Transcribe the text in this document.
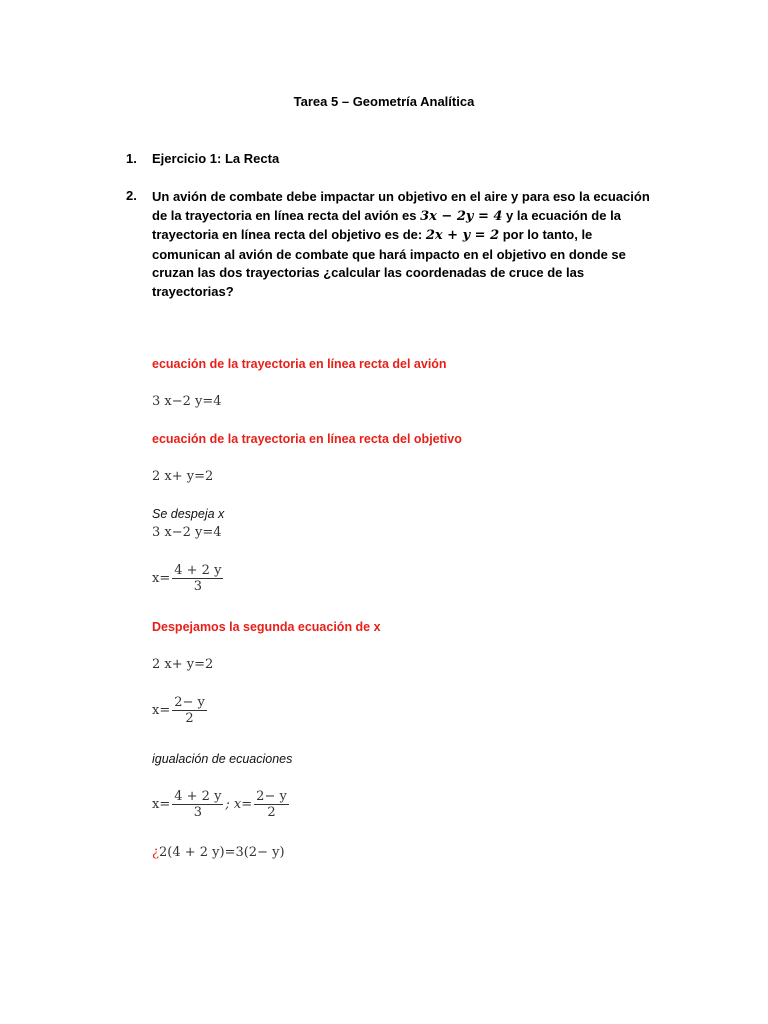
Tarea 5 – Geometría Analítica
1. Ejercicio 1: La Recta
2. Un avión de combate debe impactar un objetivo en el aire y para eso la ecuación de la trayectoria en línea recta del avión es 3x − 2y = 4 y la ecuación de la trayectoria en línea recta del objetivo es de: 2x + y = 2 por lo tanto, le comunican al avión de combate que hará impacto en el objetivo en donde se cruzan las dos trayectorias ¿calcular las coordenadas de cruce de las trayectorias?
ecuación de la trayectoria en línea recta del avión
3 x−2 y=4
ecuación de la trayectoria en línea recta del objetivo
2 x+ y=2
Se despeja x
3 x−2 y=4
$x= \frac{4 + 2 y}{3}$
Despejamos la segunda ecuación de x
2 x+ y=2
$x= \frac{2- y}{2}$
igualación de ecuaciones
$x= \frac{4 + 2 y}{3}$ ; $x= \frac{2- y}{2}$
¿2(4 + 2 y)=3(2− y)
